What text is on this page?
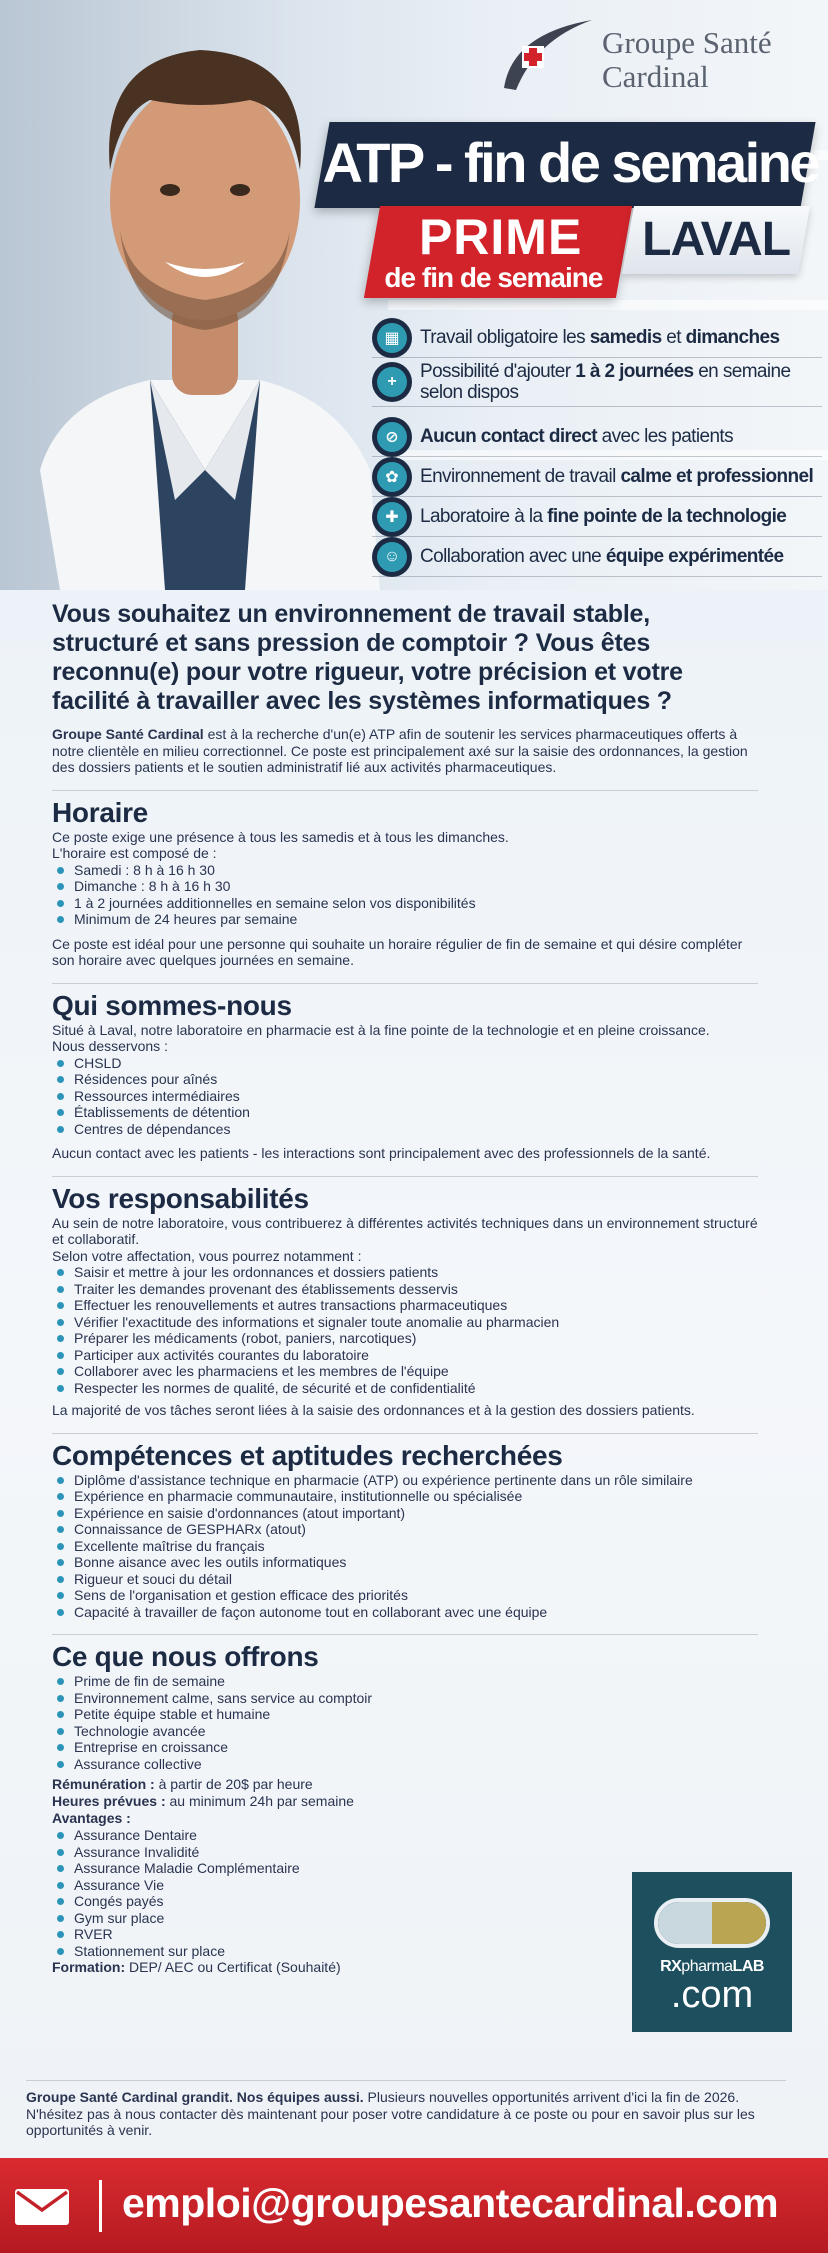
Groupe Santé
Cardinal
ATP - fin de semaine
PRIME
de fin de semaine
LAVAL
▦	Travail obligatoire les samedis et dimanches
+	Possibilité d'ajouter 1 à 2 journées en semaine selon dispos
⊘	Aucun contact direct avec les patients
✿	Environnement de travail calme et professionnel
✚	Laboratoire à la fine pointe de la technologie
☺	Collaboration avec une équipe expérimentée
Vous souhaitez un environnement de travail stable, structuré et sans pression de comptoir ? Vous êtes reconnu(e) pour votre rigueur, votre précision et votre facilité à travailler avec les systèmes informatiques ?

Groupe Santé Cardinal est à la recherche d'un(e) ATP afin de soutenir les services pharmaceutiques offerts à notre clientèle en milieu correctionnel. Ce poste est principalement axé sur la saisie des ordonnances, la gestion des dossiers patients et le soutien administratif lié aux activités pharmaceutiques.

Horaire

Ce poste exige une présence à tous les samedis et à tous les dimanches.

L'horaire est composé de :

Samedi : 8 h à 16 h 30
Dimanche : 8 h à 16 h 30
1 à 2 journées additionnelles en semaine selon vos disponibilités
Minimum de 24 heures par semaine

Ce poste est idéal pour une personne qui souhaite un horaire régulier de fin de semaine et qui désire compléter son horaire avec quelques journées en semaine.

Qui sommes-nous

Situé à Laval, notre laboratoire en pharmacie est à la fine pointe de la technologie et en pleine croissance.

Nous desservons :

CHSLD
Résidences pour aînés
Ressources intermédiaires
Établissements de détention
Centres de dépendances

Aucun contact avec les patients - les interactions sont principalement avec des professionnels de la santé.

Vos responsabilités

Au sein de notre laboratoire, vous contribuerez à différentes activités techniques dans un environnement structuré et collaboratif.

Selon votre affectation, vous pourrez notamment :

Saisir et mettre à jour les ordonnances et dossiers patients
Traiter les demandes provenant des établissements desservis
Effectuer les renouvellements et autres transactions pharmaceutiques
Vérifier l'exactitude des informations et signaler toute anomalie au pharmacien
Préparer les médicaments (robot, paniers, narcotiques)
Participer aux activités courantes du laboratoire
Collaborer avec les pharmaciens et les membres de l'équipe
Respecter les normes de qualité, de sécurité et de confidentialité

La majorité de vos tâches seront liées à la saisie des ordonnances et à la gestion des dossiers patients.

Compétences et aptitudes recherchées
Diplôme d'assistance technique en pharmacie (ATP) ou expérience pertinente dans un rôle similaire
Expérience en pharmacie communautaire, institutionnelle ou spécialisée
Expérience en saisie d'ordonnances (atout important)
Connaissance de GESPHARx (atout)
Excellente maîtrise du français
Bonne aisance avec les outils informatiques
Rigueur et souci du détail
Sens de l'organisation et gestion efficace des priorités
Capacité à travailler de façon autonome tout en collaborant avec une équipe
Ce que nous offrons
Prime de fin de semaine
Environnement calme, sans service au comptoir
Petite équipe stable et humaine
Technologie avancée
Entreprise en croissance
Assurance collective
Rémunération : à partir de 20$ par heure
Heures prévues : au minimum 24h par semaine
Avantages :
Assurance Dentaire
Assurance Invalidité
Assurance Maladie Complémentaire
Assurance Vie
Congés payés
Gym sur place
RVER
Stationnement sur place
Formation: DEP/ AEC ou Certificat (Souhaité)	RXpharmaLAB
.com

Groupe Santé Cardinal grandit. Nos équipes aussi. Plusieurs nouvelles opportunités arrivent d'ici la fin de 2026. N'hésitez pas à nous contacter dès maintenant pour poser votre candidature à ce poste ou pour en savoir plus sur les opportunités à venir.

emploi@groupesantecardinal.com
